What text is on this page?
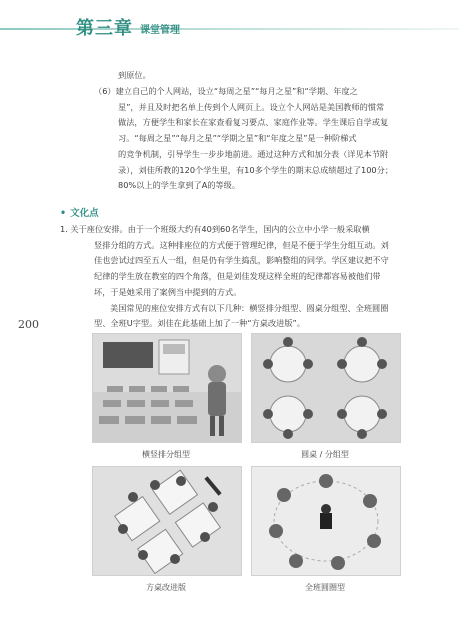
第三章 课堂管理
200
到原位。
（6）建立自己的个人网站，设立“每周之星”“每月之星”和“学期、年度之
星”，并且及时把名单上传到个人网页上。设立个人网站是美国教师的惯常
做法，方便学生和家长在家查看复习要点、家庭作业等。学生课后自学或复
习。“每周之星”“每月之星”“学期之星”和“年度之星”是一种阶梯式
的竞争机制，引导学生一步步地前进。通过这种方式和加分表（详见本节附
录），刘佳所教的120个学生里，有10多个学生的期末总成绩超过了100分；
80%以上的学生拿到了A的等级。
• 文化点
1. 关于座位安排。由于一个班级大约有40到60名学生，国内的公立中小学一般采取横
竖排分组的方式。这种排座位的方式便于管理纪律，但是不便于学生分组互动。刘
佳也尝试过四至五人一组，但是仍有学生捣乱，影响整组的同学。学区建议把不守
纪律的学生放在教室的四个角落，但是刘佳发现这样全班的纪律都容易被他们带
坏，于是她采用了案例当中提到的方式。
美国常见的座位安排方式有以下几种：横竖排分组型、圆桌分组型、全班圆圈
型、全班U字型。刘佳在此基础上加了一种“方桌改进版”。
横竖排分组型	圆桌 / 分组型
方桌改进版	全班圆圈型
